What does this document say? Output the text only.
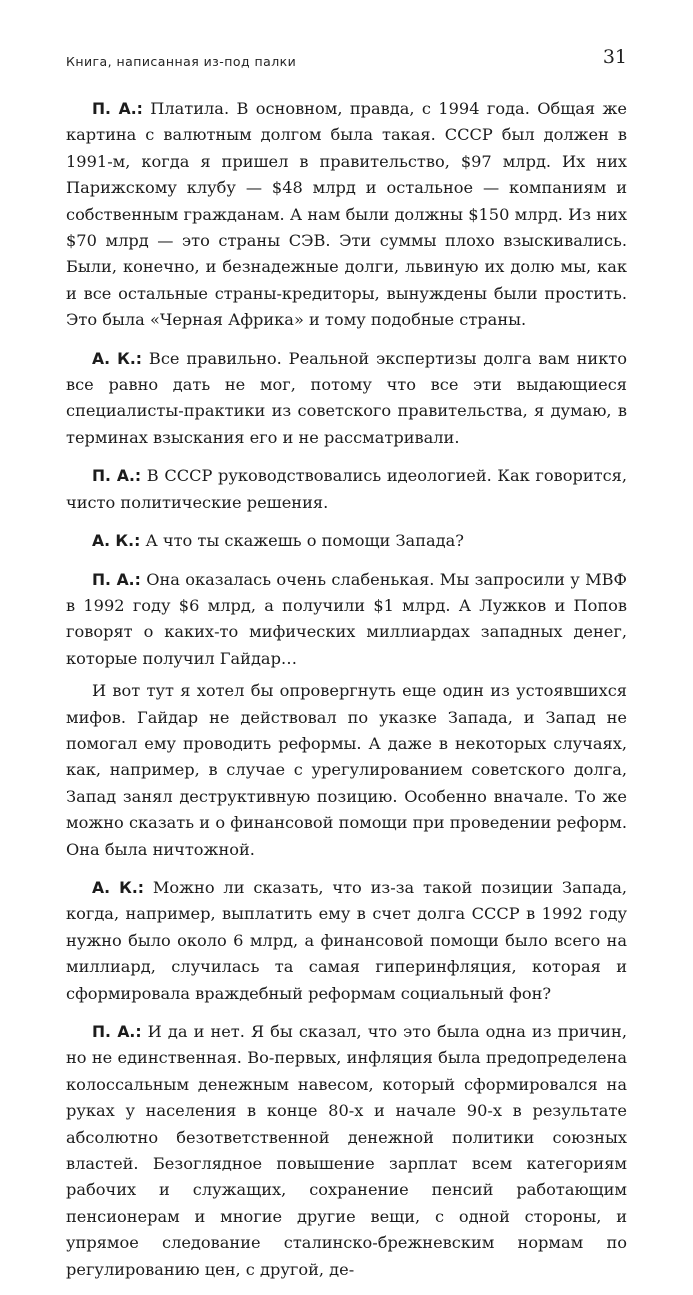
Книга, написанная из-под палки	31

П. А.: Платила. В основном, правда, с 1994 года. Общая же картина с валютным долгом была такая. СССР был должен в 1991-м, когда я пришел в правительство, $97 млрд. Их них Парижскому клубу — $48 млрд и остальное — компаниям и собственным гражданам. А нам были должны $150 млрд. Из них $70 млрд — это страны СЭВ. Эти суммы плохо взыскивались. Были, конечно, и безнадежные долги, львиную их долю мы, как и все остальные страны-кредиторы, вынуждены были простить. Это была «Черная Африка» и тому подобные страны.

А. К.: Все правильно. Реальной экспертизы долга вам никто все равно дать не мог, потому что все эти выдающиеся специалисты-практики из советского правительства, я думаю, в терминах взыскания его и не рассматривали.

П. А.: В СССР руководствовались идеологией. Как говорится, чисто политические решения.

А. К.: А что ты скажешь о помощи Запада?

П. А.: Она оказалась очень слабенькая. Мы запросили у МВФ в 1992 году $6 млрд, а получили $1 млрд. А Лужков и Попов говорят о каких-то мифических миллиардах западных денег, которые получил Гайдар…

И вот тут я хотел бы опровергнуть еще один из устоявшихся мифов. Гайдар не действовал по указке Запада, и Запад не помогал ему проводить реформы. А даже в некоторых случаях, как, например, в случае с урегулированием советского долга, Запад занял деструктивную позицию. Особенно вначале. То же можно сказать и о финансовой помощи при проведении реформ. Она была ничтожной.

А. К.: Можно ли сказать, что из-за такой позиции Запада, когда, например, выплатить ему в счет долга СССР в 1992 году нужно было около 6 млрд, а финансовой помощи было всего на миллиард, случилась та самая гиперинфляция, которая и сформировала враждебный реформам социальный фон?

П. А.: И да и нет. Я бы сказал, что это была одна из причин, но не единственная. Во-первых, инфляция была предопределена колоссальным денежным навесом, который сформировался на руках у населения в конце 80-х и начале 90-х в результате абсолютно безответственной денежной политики союзных властей. Безоглядное повышение зарплат всем категориям рабочих и служащих, сохранение пенсий работающим пенсионерам и многие другие вещи, с одной стороны, и упрямое следование сталинско-брежневским нормам по регулированию цен, с другой, де-
